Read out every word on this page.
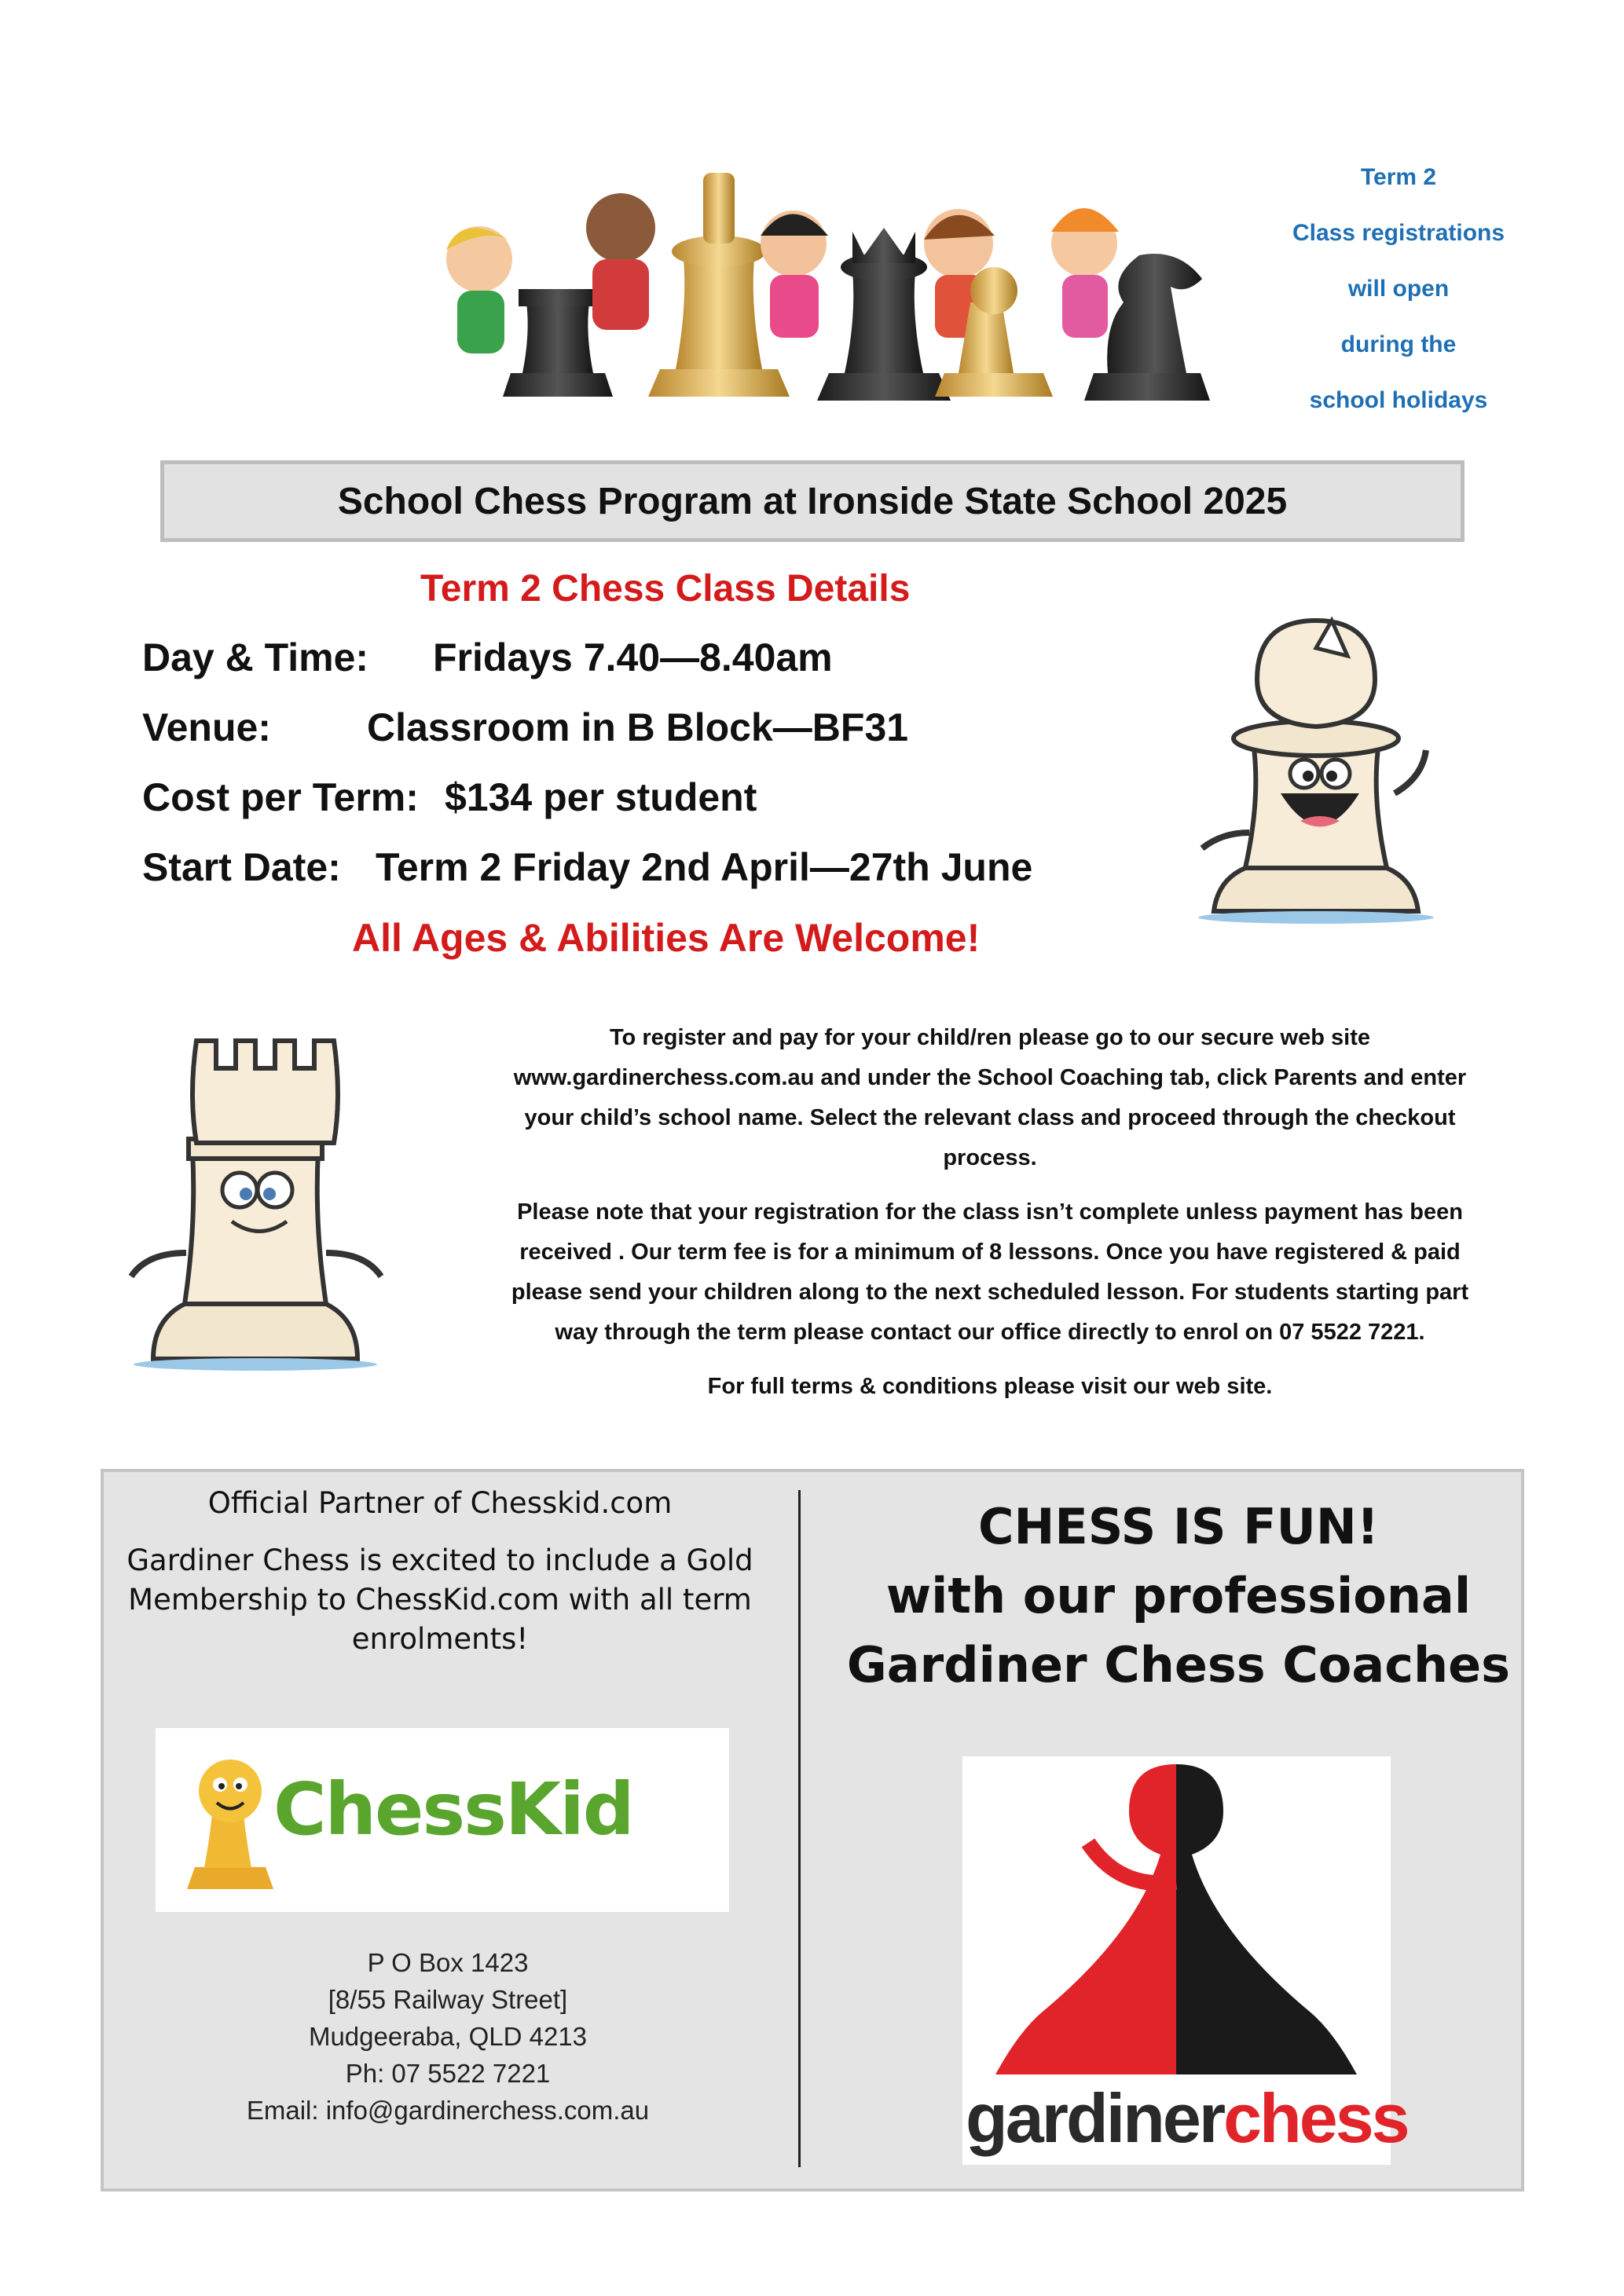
Term 2
Class registrations
will open
during the
school holidays
School Chess Program at Ironside State School 2025
Term 2 Chess Class Details
Day & Time: Fridays 7.40—8.40am
Venue: Classroom in B Block—BF31
Cost per Term: $134 per student
Start Date: Term 2 Friday 2nd April—27th June
All Ages & Abilities Are Welcome!
To register and pay for your child/ren please go to our secure web site www.gardinerchess.com.au and under the School Coaching tab, click Parents and enter your child’s school name. Select the relevant class and proceed through the checkout process.
Please note that your registration for the class isn’t complete unless payment has been received . Our term fee is for a minimum of 8 lessons. Once you have registered & paid please send your children along to the next scheduled lesson. For students starting part way through the term please contact our office directly to enrol on 07 5522 7221.
For full terms & conditions please visit our web site.
Official Partner of Chesskid.com
Gardiner Chess is excited to include a Gold Membership to ChessKid.com with all term enrolments!
ChessKid
P O Box 1423
[8/55 Railway Street]
Mudgeeraba, QLD 4213
Ph: 07 5522 7221
Email: info@gardinerchess.com.au
CHESS IS FUN!
with our professional
Gardiner Chess Coaches
gardinerchess
